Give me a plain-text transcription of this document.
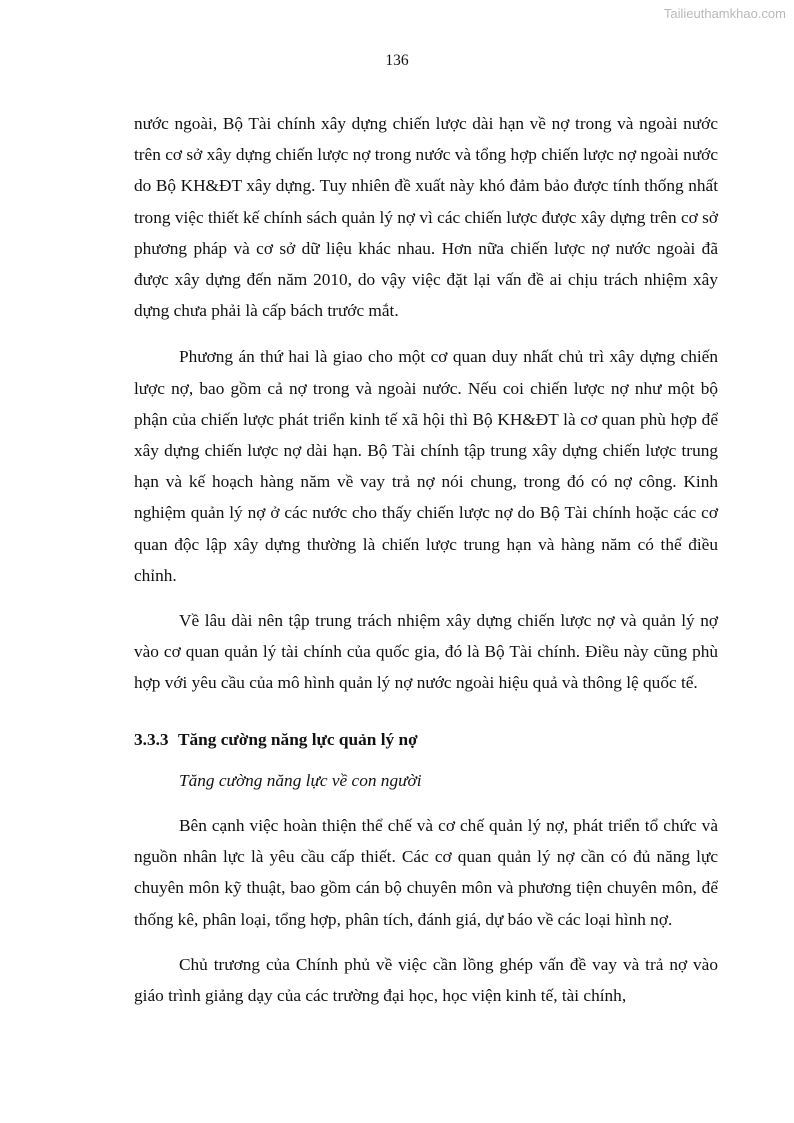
Tailieuthamkhao.com
136

nước ngoài, Bộ Tài chính xây dựng chiến lược dài hạn về nợ trong và ngoài nước trên cơ sở xây dựng chiến lược nợ trong nước và tổng hợp chiến lược nợ ngoài nước do Bộ KH&ĐT xây dựng. Tuy nhiên đề xuất này khó đảm bảo được tính thống nhất trong việc thiết kế chính sách quản lý nợ vì các chiến lược được xây dựng trên cơ sở phương pháp và cơ sở dữ liệu khác nhau. Hơn nữa chiến lược nợ nước ngoài đã được xây dựng đến năm 2010, do vậy việc đặt lại vấn đề ai chịu trách nhiệm xây dựng chưa phải là cấp bách trước mắt.

Phương án thứ hai là giao cho một cơ quan duy nhất chủ trì xây dựng chiến lược nợ, bao gồm cả nợ trong và ngoài nước. Nếu coi chiến lược nợ như một bộ phận của chiến lược phát triển kinh tế xã hội thì Bộ KH&ĐT là cơ quan phù hợp để xây dựng chiến lược nợ dài hạn. Bộ Tài chính tập trung xây dựng chiến lược trung hạn và kế hoạch hàng năm về vay trả nợ nói chung, trong đó có nợ công. Kinh nghiệm quản lý nợ ở các nước cho thấy chiến lược nợ do Bộ Tài chính hoặc các cơ quan độc lập xây dựng thường là chiến lược trung hạn và hàng năm có thể điều chỉnh.

Về lâu dài nên tập trung trách nhiệm xây dựng chiến lược nợ và quản lý nợ vào cơ quan quản lý tài chính của quốc gia, đó là Bộ Tài chính. Điều này cũng phù hợp với yêu cầu của mô hình quản lý nợ nước ngoài hiệu quả và thông lệ quốc tế.

3.3.3 Tăng cường năng lực quản lý nợ
Tăng cường năng lực về con người

Bên cạnh việc hoàn thiện thể chế và cơ chế quản lý nợ, phát triển tổ chức và nguồn nhân lực là yêu cầu cấp thiết. Các cơ quan quản lý nợ cần có đủ năng lực chuyên môn kỹ thuật, bao gồm cán bộ chuyên môn và phương tiện chuyên môn, để thống kê, phân loại, tổng hợp, phân tích, đánh giá, dự báo về các loại hình nợ.

Chủ trương của Chính phủ về việc cần lồng ghép vấn đề vay và trả nợ vào giáo trình giảng dạy của các trường đại học, học viện kinh tế, tài chính,
